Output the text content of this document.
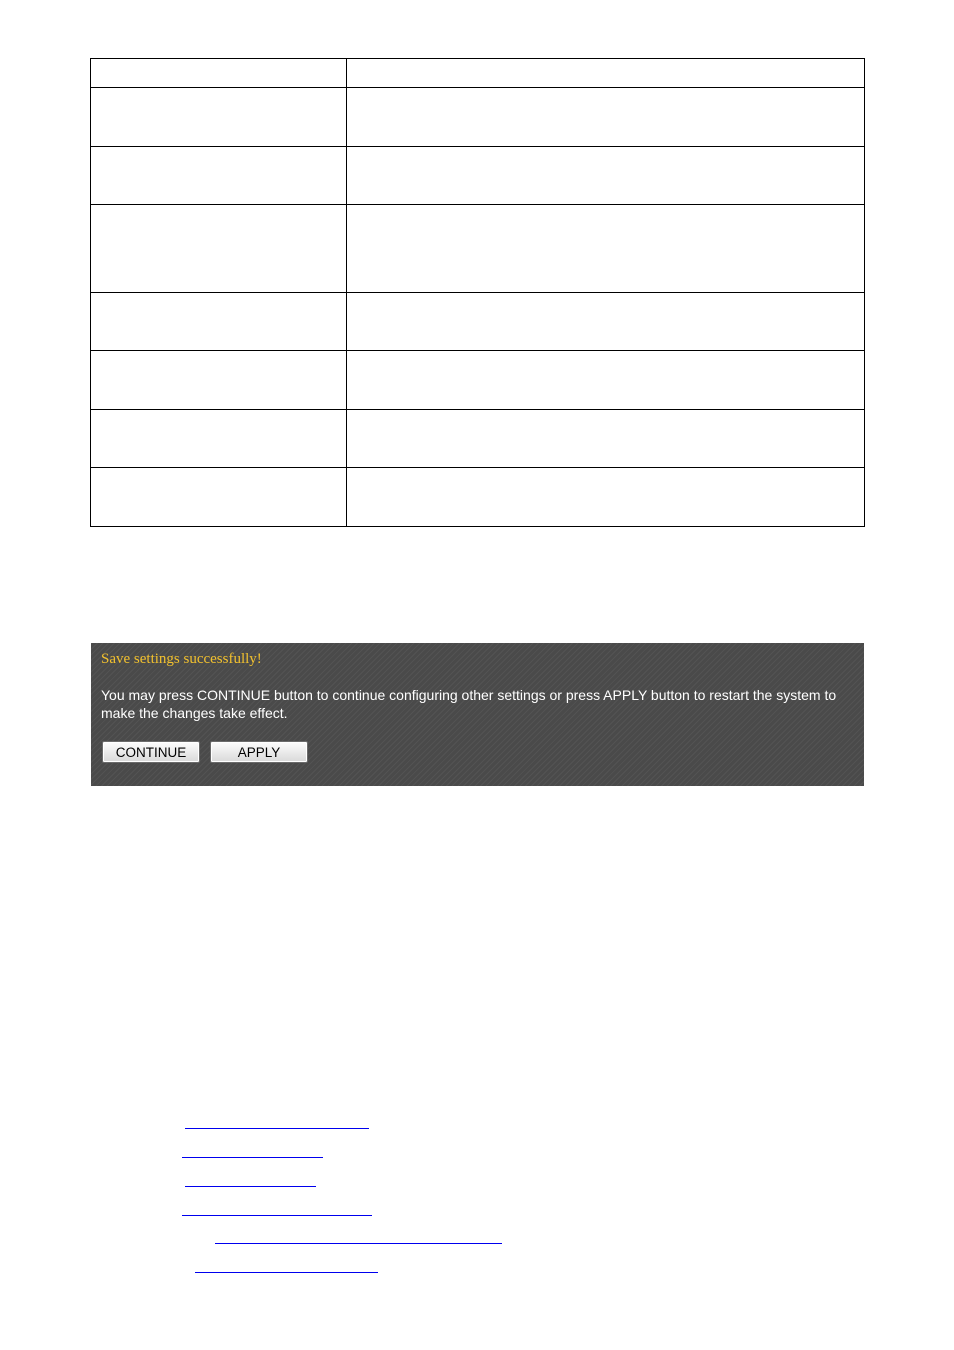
Save settings successfully!
You may press CONTINUE button to continue configuring other settings or press APPLY button to restart the system to make the changes take effect.
CONTINUE	APPLY
